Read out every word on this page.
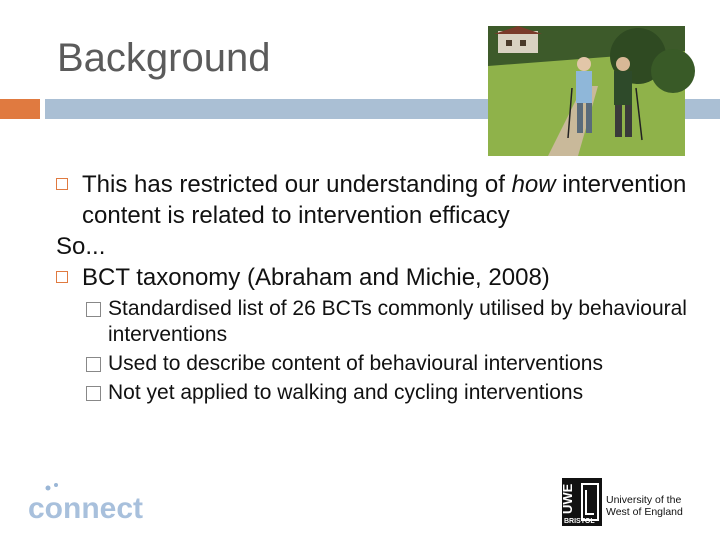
Background
This has restricted our understanding of how intervention content is related to intervention efficacy
So...
BCT taxonomy (Abraham and Michie, 2008)
Standardised list of 26 BCTs commonly utilised by behavioural interventions
Used to describe content of behavioural interventions
Not yet applied to walking and cycling interventions
connect	UWE
BRISTOL
University of the
West of England
